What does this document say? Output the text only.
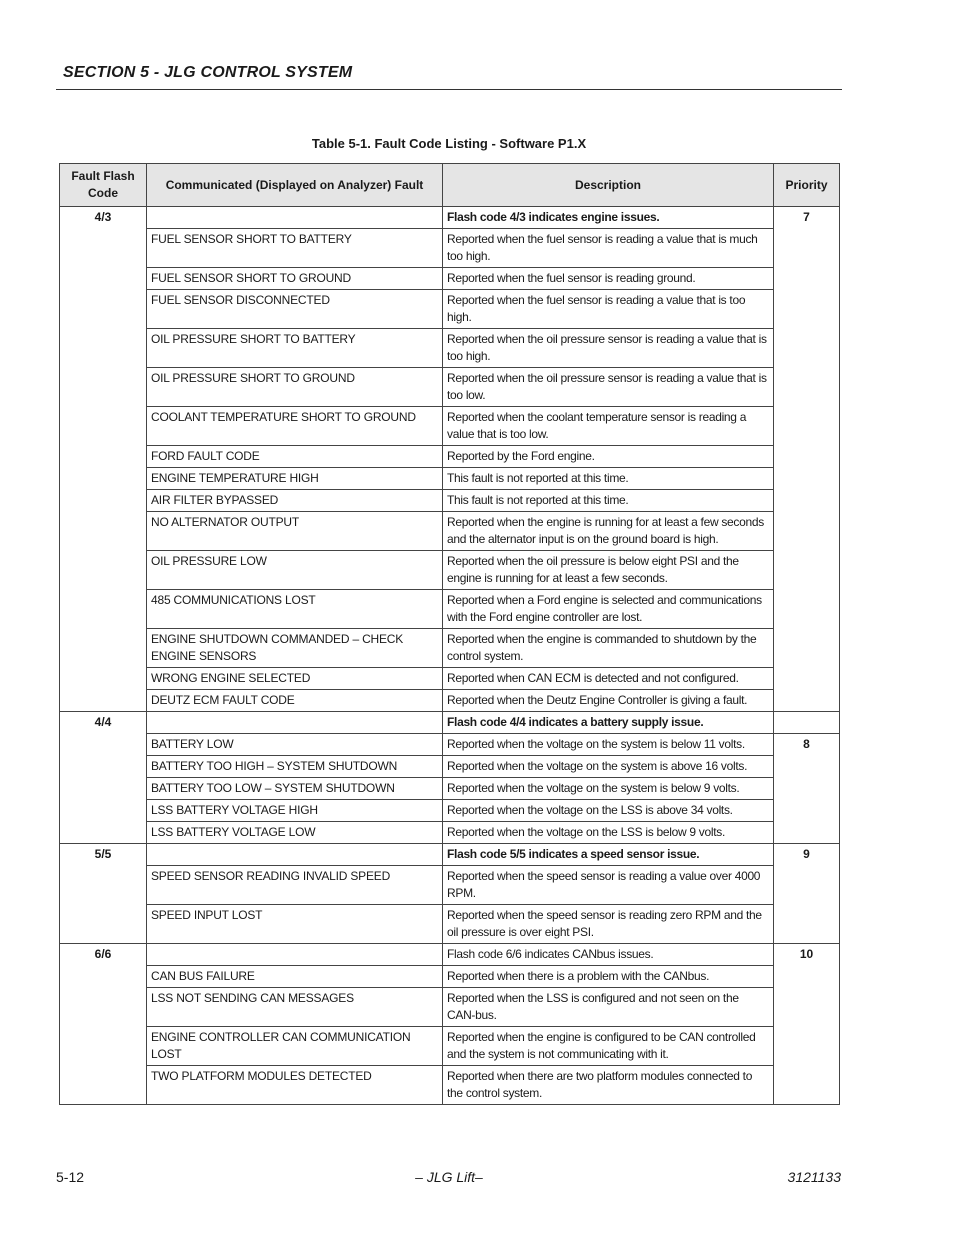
SECTION 5 - JLG CONTROL SYSTEM
Table 5-1. Fault Code Listing - Software P1.X
Fault Flash Code	Communicated (Displayed on Analyzer) Fault	Description	Priority
4/3		Flash code 4/3 indicates engine issues.	7
	FUEL SENSOR SHORT TO BATTERY	Reported when the fuel sensor is reading a value that is much too high.	
	FUEL SENSOR SHORT TO GROUND	Reported when the fuel sensor is reading ground.	
	FUEL SENSOR DISCONNECTED	Reported when the fuel sensor is reading a value that is too high.	
	OIL PRESSURE SHORT TO BATTERY	Reported when the oil pressure sensor is reading a value that is too high.	
	OIL PRESSURE SHORT TO GROUND	Reported when the oil pressure sensor is reading a value that is too low.	
	COOLANT TEMPERATURE SHORT TO GROUND	Reported when the coolant temperature sensor is reading a value that is too low.	
	FORD FAULT CODE	Reported by the Ford engine.	
	ENGINE TEMPERATURE HIGH	This fault is not reported at this time.	
	AIR FILTER BYPASSED	This fault is not reported at this time.	
	NO ALTERNATOR OUTPUT	Reported when the engine is running for at least a few seconds and the alternator input is on the ground board is high.	
	OIL PRESSURE LOW	Reported when the oil pressure is below eight PSI and the engine is running for at least a few seconds.	
	485 COMMUNICATIONS LOST	Reported when a Ford engine is selected and communications with the Ford engine controller are lost.	
	ENGINE SHUTDOWN COMMANDED – CHECK ENGINE SENSORS	Reported when the engine is commanded to shutdown by the control system.	
	WRONG ENGINE SELECTED	Reported when CAN ECM is detected and not configured.	
	DEUTZ ECM FAULT CODE	Reported when the Deutz Engine Controller is giving a fault.	
4/4		Flash code 4/4 indicates a battery supply issue.	
	BATTERY LOW	Reported when the voltage on the system is below 11 volts.	8
	BATTERY TOO HIGH – SYSTEM SHUTDOWN	Reported when the voltage on the system is above 16 volts.	
	BATTERY TOO LOW – SYSTEM SHUTDOWN	Reported when the voltage on the system is below 9 volts.	
	LSS BATTERY VOLTAGE HIGH	Reported when the voltage on the LSS is above 34 volts.	
	LSS BATTERY VOLTAGE LOW	Reported when the voltage on the LSS is below 9 volts.	
5/5		Flash code 5/5 indicates a speed sensor issue.	9
	SPEED SENSOR READING INVALID SPEED	Reported when the speed sensor is reading a value over 4000 RPM.	
	SPEED INPUT LOST	Reported when the speed sensor is reading zero RPM and the oil pressure is over eight PSI.	
6/6		Flash code 6/6 indicates CANbus issues.	10
	CAN BUS FAILURE	Reported when there is a problem with the CANbus.	
	LSS NOT SENDING CAN MESSAGES	Reported when the LSS is configured and not seen on the CAN-bus.	
	ENGINE CONTROLLER CAN COMMUNICATION LOST	Reported when the engine is configured to be CAN controlled and the system is not communicating with it.	
	TWO PLATFORM MODULES DETECTED	Reported when there are two platform modules connected to the control system.	
5-12	– JLG Lift–	3121133
